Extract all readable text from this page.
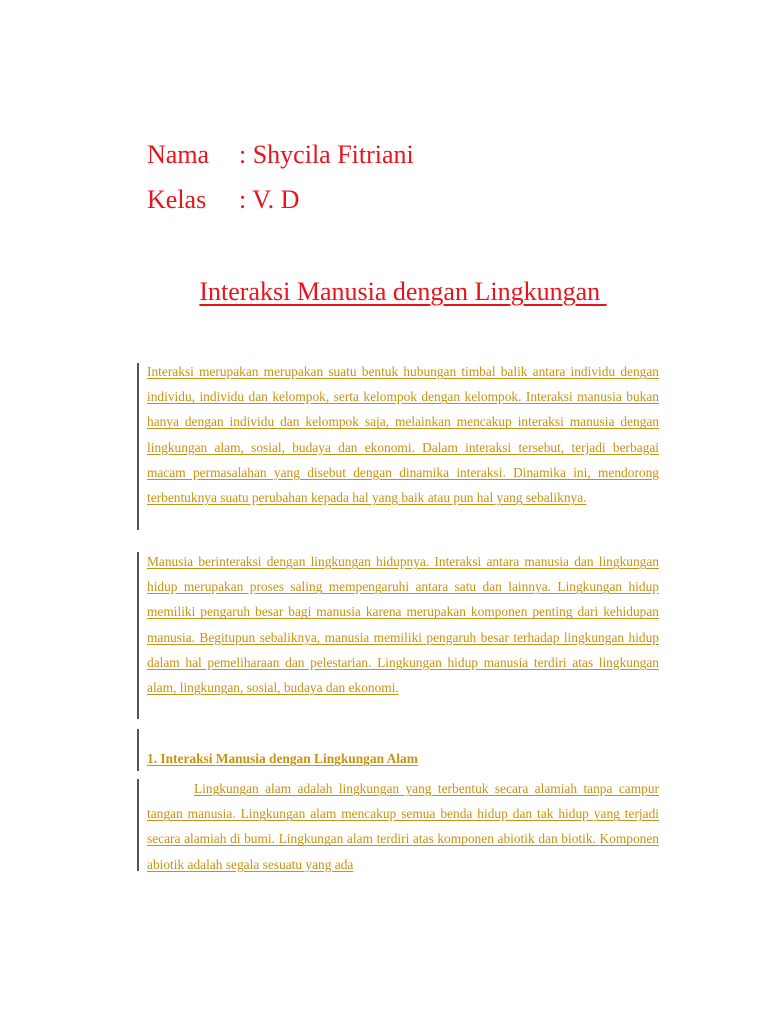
Nama : Shycila Fitriani
Kelas : V. D
Interaksi Manusia dengan Lingkungan

Interaksi merupakan merupakan suatu bentuk hubungan timbal balik antara individu dengan individu, individu dan kelompok, serta kelompok dengan kelompok. Interaksi manusia bukan hanya dengan individu dan kelompok saja, melainkan mencakup interaksi manusia dengan lingkungan alam, sosial, budaya dan ekonomi. Dalam interaksi tersebut, terjadi berbagai macam permasalahan yang disebut dengan dinamika interaksi. Dinamika ini, mendorong terbentuknya suatu perubahan kepada hal yang baik atau pun hal yang sebaliknya.

Manusia berinteraksi dengan lingkungan hidupnya. Interaksi antara manusia dan lingkungan hidup merupakan proses saling mempengaruhi antara satu dan lainnya. Lingkungan hidup memiliki pengaruh besar bagi manusia karena merupakan komponen penting dari kehidupan manusia. Begitupun sebaliknya, manusia memiliki pengaruh besar terhadap lingkungan hidup dalam hal pemeliharaan dan pelestarian. Lingkungan hidup manusia terdiri atas lingkungan alam, lingkungan, sosial, budaya dan ekonomi.

1. Interaksi Manusia dengan Lingkungan Alam

Lingkungan alam adalah lingkungan yang terbentuk secara alamiah tanpa campur tangan manusia. Lingkungan alam mencakup semua benda hidup dan tak hidup yang terjadi secara alamiah di bumi. Lingkungan alam terdiri atas komponen abiotik dan biotik. Komponen abiotik adalah segala sesuatu yang ada
